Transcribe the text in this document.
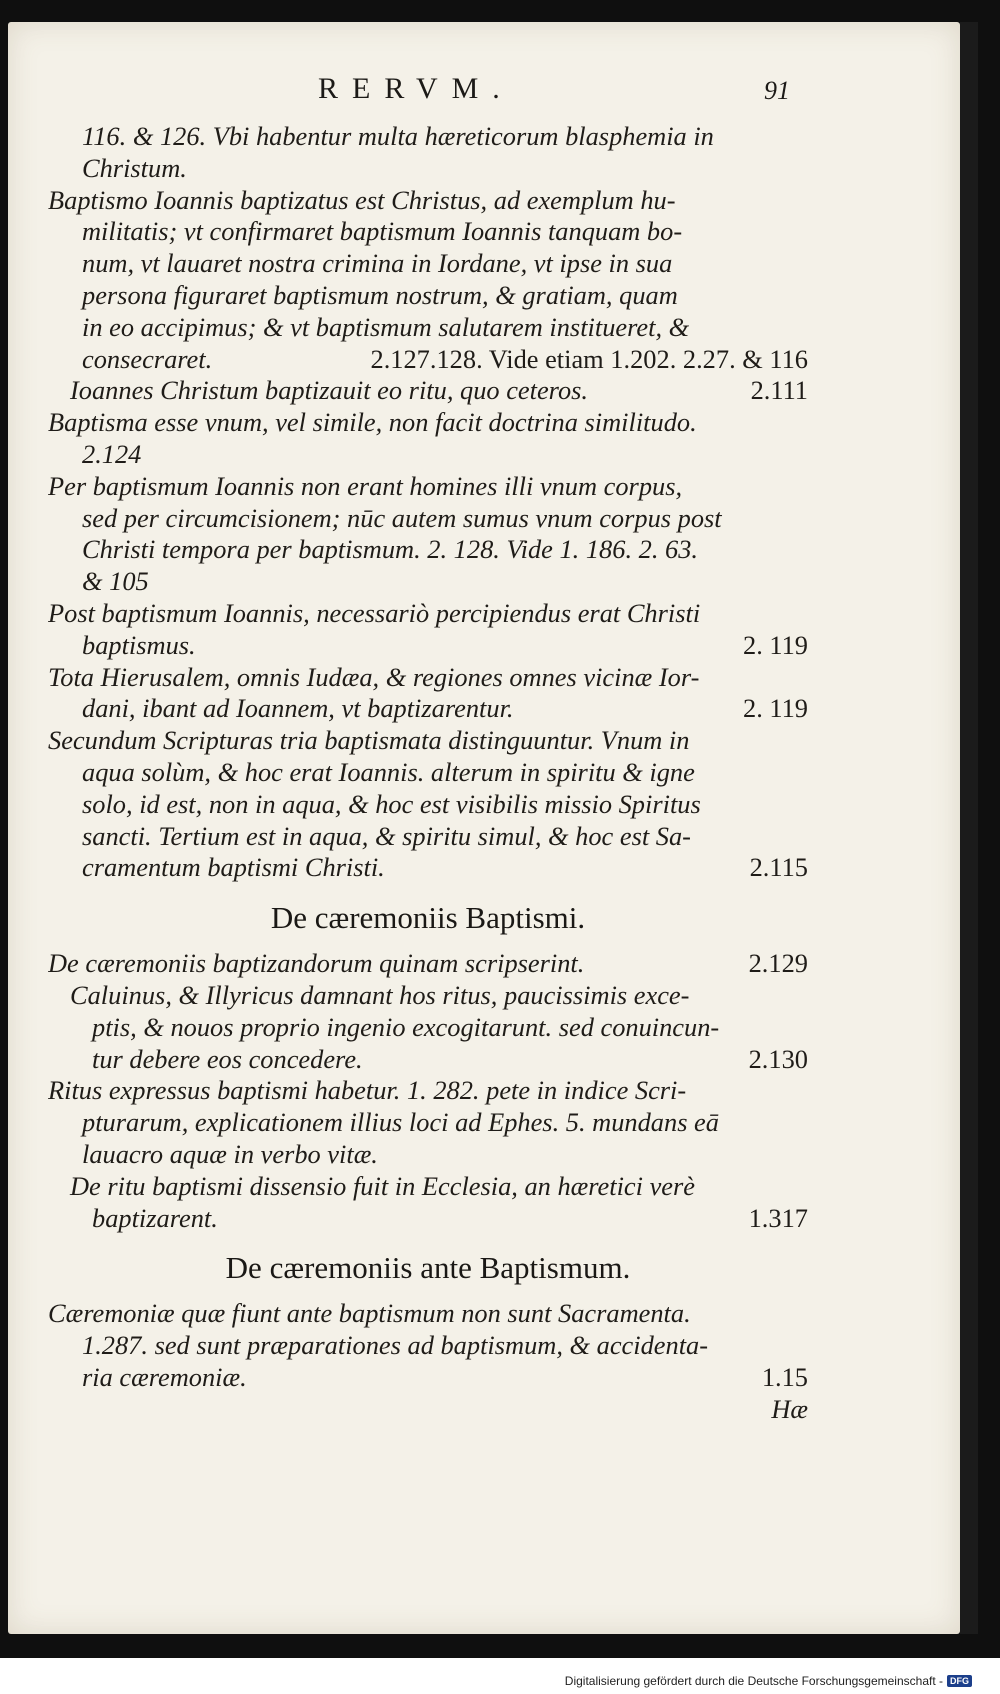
RERVM.	91
116. & 126. Vbi habentur multa hæreticorum blasphemia in
Christum.
Baptismo Ioannis baptizatus est Christus, ad exemplum hu-
militatis; vt confirmaret baptismum Ioannis tanquam bo-
num, vt lauaret nostra crimina in Iordane, vt ipse in sua
persona figuraret baptismum nostrum, & gratiam, quam
in eo accipimus; & vt baptismum salutarem institueret, &
consecraret.	2.127.128. Vide etiam 1.202. 2.27. & 116
Ioannes Christum baptizauit eo ritu, quo ceteros.	2.111
Baptisma esse vnum, vel simile, non facit doctrina similitudo.
2.124
Per baptismum Ioannis non erant homines illi vnum corpus,
sed per circumcisionem; nūc autem sumus vnum corpus post
Christi tempora per baptismum. 2. 128. Vide 1. 186. 2. 63.
& 105
Post baptismum Ioannis, necessariò percipiendus erat Christi
baptismus.	2. 119
Tota Hierusalem, omnis Iudæa, & regiones omnes vicinæ Ior-
dani, ibant ad Ioannem, vt baptizarentur.	2. 119
Secundum Scripturas tria baptismata distinguuntur. Vnum in
aqua solùm, & hoc erat Ioannis. alterum in spiritu & igne
solo, id est, non in aqua, & hoc est visibilis missio Spiritus
sancti. Tertium est in aqua, & spiritu simul, & hoc est Sa-
cramentum baptismi Christi.	2.115
De cæremoniis Baptismi.
De cæremoniis baptizandorum quinam scripserint.	2.129
Caluinus, & Illyricus damnant hos ritus, paucissimis exce-
ptis, & nouos proprio ingenio excogitarunt. sed conuincun-
tur debere eos concedere.	2.130
Ritus expressus baptismi habetur. 1. 282. pete in indice Scri-
pturarum, explicationem illius loci ad Ephes. 5. mundans eā
lauacro aquæ in verbo vitæ.
De ritu baptismi dissensio fuit in Ecclesia, an hæretici verè
baptizarent.	1.317
De cæremoniis ante Baptismum.
Cæremoniæ quæ fiunt ante baptismum non sunt Sacramenta.
1.287. sed sunt præparationes ad baptismum, & accidenta-
ria cæremoniæ.	1.15
Hæ
Digitalisierung gefördert durch die Deutsche Forschungsgemeinschaft - DFG
